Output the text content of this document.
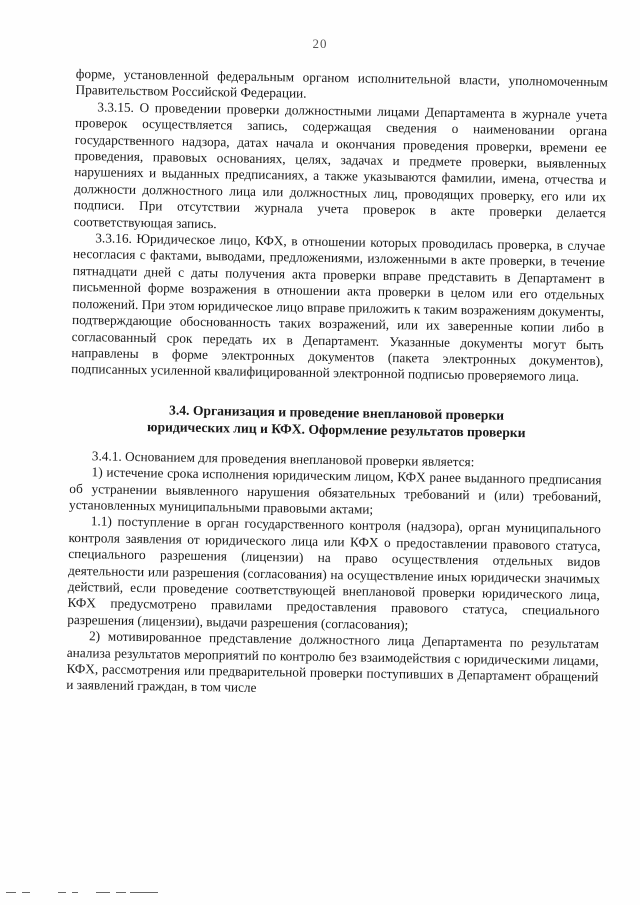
20

форме, установленной федеральным органом исполнительной власти, уполномоченным Правительством Российской Федерации.

3.3.15. О проведении проверки должностными лицами Департамента в журнале учета проверок осуществляется запись, содержащая сведения о наименовании органа государственного надзора, датах начала и окончания проведения проверки, времени ее проведения, правовых основаниях, целях, задачах и предмете проверки, выявленных нарушениях и выданных предписаниях, а также указываются фамилии, имена, отчества и должности должностного лица или должностных лиц, проводящих проверку, его или их подписи. При отсутствии журнала учета проверок в акте проверки делается соответствующая запись.

3.3.16. Юридическое лицо, КФХ, в отношении которых проводилась проверка, в случае несогласия с фактами, выводами, предложениями, изложенными в акте проверки, в течение пятнадцати дней с даты получения акта проверки вправе представить в Департамент в письменной форме возражения в отношении акта проверки в целом или его отдельных положений. При этом юридическое лицо вправе приложить к таким возражениям документы, подтверждающие обоснованность таких возражений, или их заверенные копии либо в согласованный срок передать их в Департамент. Указанные документы могут быть направлены в форме электронных документов (пакета электронных документов), подписанных усиленной квалифицированной электронной подписью проверяемого лица.

3.4. Организация и проведение внеплановой проверки
юридических лиц и КФХ. Оформление результатов проверки

3.4.1. Основанием для проведения внеплановой проверки является:

1) истечение срока исполнения юридическим лицом, КФХ ранее выданного предписания об устранении выявленного нарушения обязательных требований и (или) требований, установленных муниципальными правовыми актами;

1.1) поступление в орган государственного контроля (надзора), орган муниципального контроля заявления от юридического лица или КФХ о предоставлении правового статуса, специального разрешения (лицензии) на право осуществления отдельных видов деятельности или разрешения (согласования) на осуществление иных юридически значимых действий, если проведение соответствующей внеплановой проверки юридического лица, КФХ предусмотрено правилами предоставления правового статуса, специального разрешения (лицензии), выдачи разрешения (согласования);

2) мотивированное представление должностного лица Департамента по результатам анализа результатов мероприятий по контролю без взаимодействия с юридическими лицами, КФХ, рассмотрения или предварительной проверки поступивших в Департамент обращений и заявлений граждан, в том числе
